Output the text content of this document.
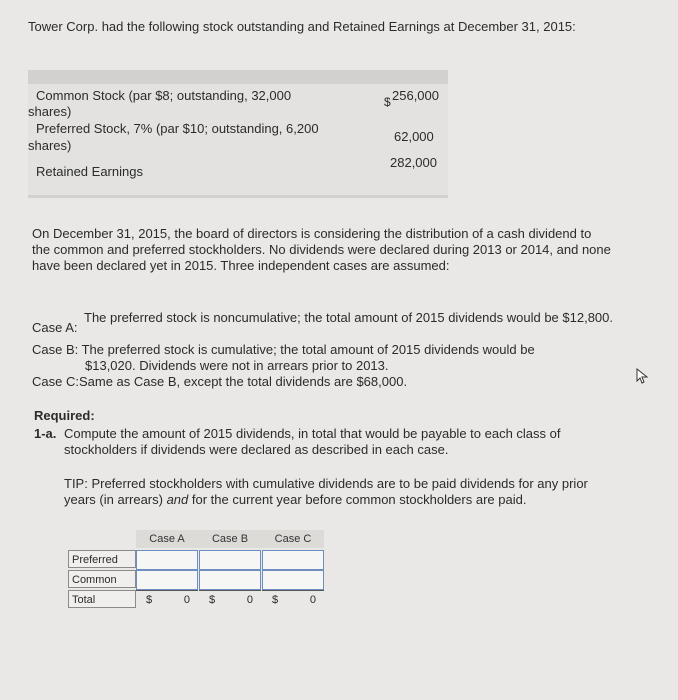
Tower Corp. had the following stock outstanding and Retained Earnings at December 31, 2015:
Common Stock (par $8; outstanding, 32,000
shares)
$ 256,000
Preferred Stock, 7% (par $10; outstanding, 6,200
shares)
62,000
Retained Earnings
282,000
On December 31, 2015, the board of directors is considering the distribution of a cash dividend to the common and preferred stockholders. No dividends were declared during 2013 or 2014, and none have been declared yet in 2015. Three independent cases are assumed:
Case A:
The preferred stock is noncumulative; the total amount of 2015 dividends would be $12,800.
Case B: The preferred stock is cumulative; the total amount of 2015 dividends would be
$13,020. Dividends were not in arrears prior to 2013.
Case C:Same as Case B, except the total dividends are $68,000.
Required:
1-a. Compute the amount of 2015 dividends, in total that would be payable to each class of stockholders if dividends were declared as described in each case.
TIP: Preferred stockholders with cumulative dividends are to be paid dividends for any prior years (in arrears) and for the current year before common stockholders are paid.
Case A	Case B	Case C
Preferred
Common
Total	$	0 $	0 $	0
